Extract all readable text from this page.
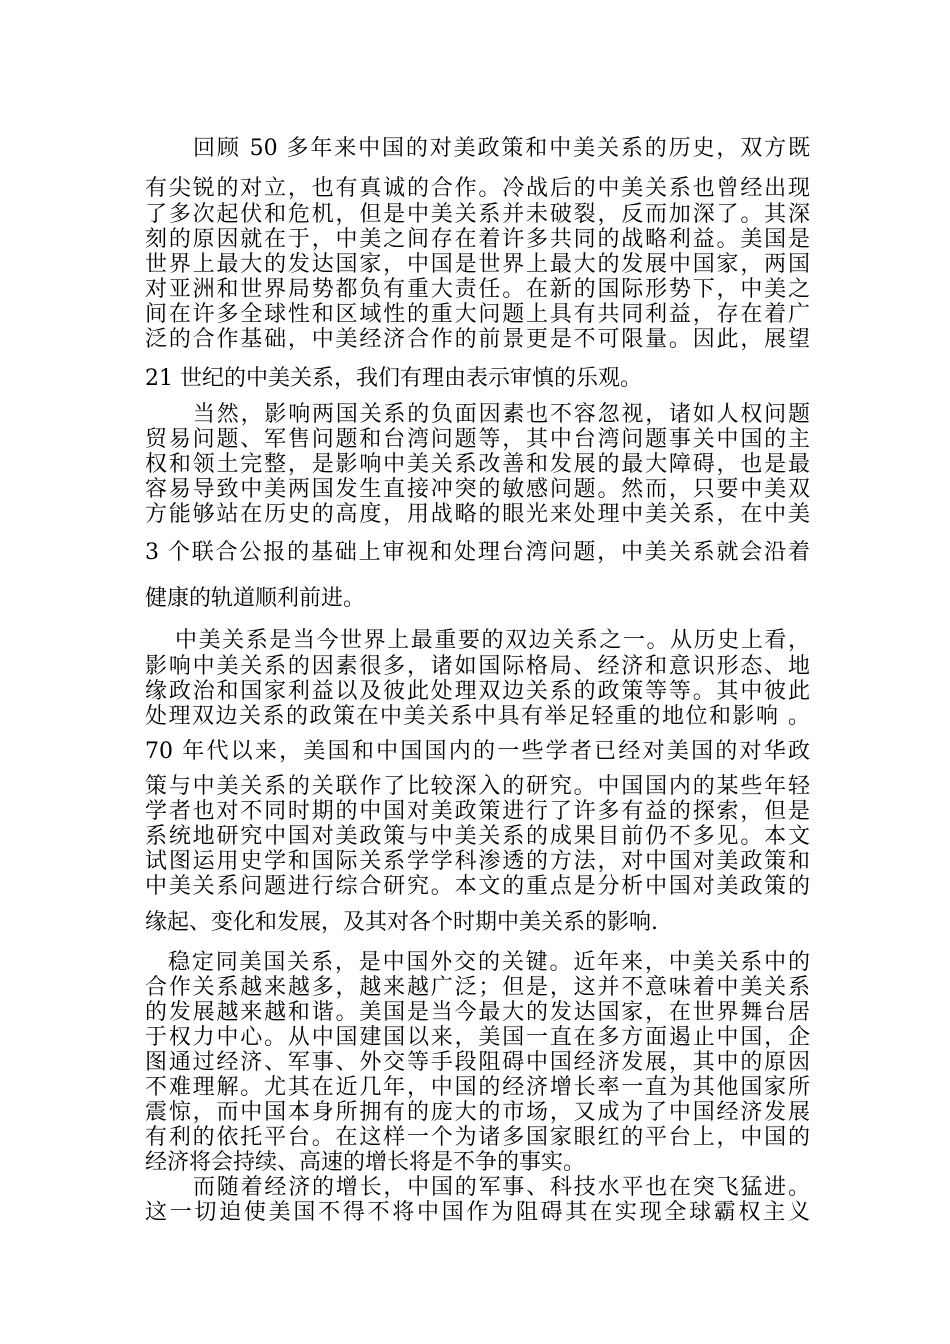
回顾 50 多年来中国的对美政策和中美关系的历史，双方既
有尖锐的对立，也有真诚的合作。冷战后的中美关系也曾经出现
了多次起伏和危机，但是中美关系并未破裂，反而加深了。其深
刻的原因就在于，中美之间存在着许多共同的战略利益。美国是
世界上最大的发达国家，中国是世界上最大的发展中国家，两国
对亚洲和世界局势都负有重大责任。在新的国际形势下，中美之
间在许多全球性和区域性的重大问题上具有共同利益，存在着广
泛的合作基础，中美经济合作的前景更是不可限量。因此，展望
21 世纪的中美关系，我们有理由表示审慎的乐观。
当然，影响两国关系的负面因素也不容忽视，诸如人权问题
贸易问题、军售问题和台湾问题等，其中台湾问题事关中国的主
权和领土完整，是影响中美关系改善和发展的最大障碍，也是最
容易导致中美两国发生直接冲突的敏感问题。然而，只要中美双
方能够站在历史的高度，用战略的眼光来处理中美关系，在中美
3 个联合公报的基础上审视和处理台湾问题，中美关系就会沿着
健康的轨道顺利前进。
中美关系是当今世界上最重要的双边关系之一。从历史上看，
影响中美关系的因素很多，诸如国际格局、经济和意识形态、地
缘政治和国家利益以及彼此处理双边关系的政策等等。其中彼此
处理双边关系的政策在中美关系中具有举足轻重的地位和影响 。
70 年代以来，美国和中国国内的一些学者已经对美国的对华政
策与中美关系的关联作了比较深入的研究。中国国内的某些年轻
学者也对不同时期的中国对美政策进行了许多有益的探索，但是
系统地研究中国对美政策与中美关系的成果目前仍不多见。本文
试图运用史学和国际关系学学科渗透的方法，对中国对美政策和
中美关系问题进行综合研究。本文的重点是分析中国对美政策的
缘起、变化和发展，及其对各个时期中美关系的影响.
稳定同美国关系，是中国外交的关键。近年来，中美关系中的
合作关系越来越多，越来越广泛；但是，这并不意味着中美关系
的发展越来越和谐。美国是当今最大的发达国家，在世界舞台居
于权力中心。从中国建国以来，美国一直在多方面遏止中国，企
图通过经济、军事、外交等手段阻碍中国经济发展，其中的原因
不难理解。尤其在近几年，中国的经济增长率一直为其他国家所
震惊，而中国本身所拥有的庞大的市场，又成为了中国经济发展
有利的依托平台。在这样一个为诸多国家眼红的平台上，中国的
经济将会持续、高速的增长将是不争的事实。
而随着经济的增长，中国的军事、科技水平也在突飞猛进。
这一切迫使美国不得不将中国作为阻碍其在实现全球霸权主义
